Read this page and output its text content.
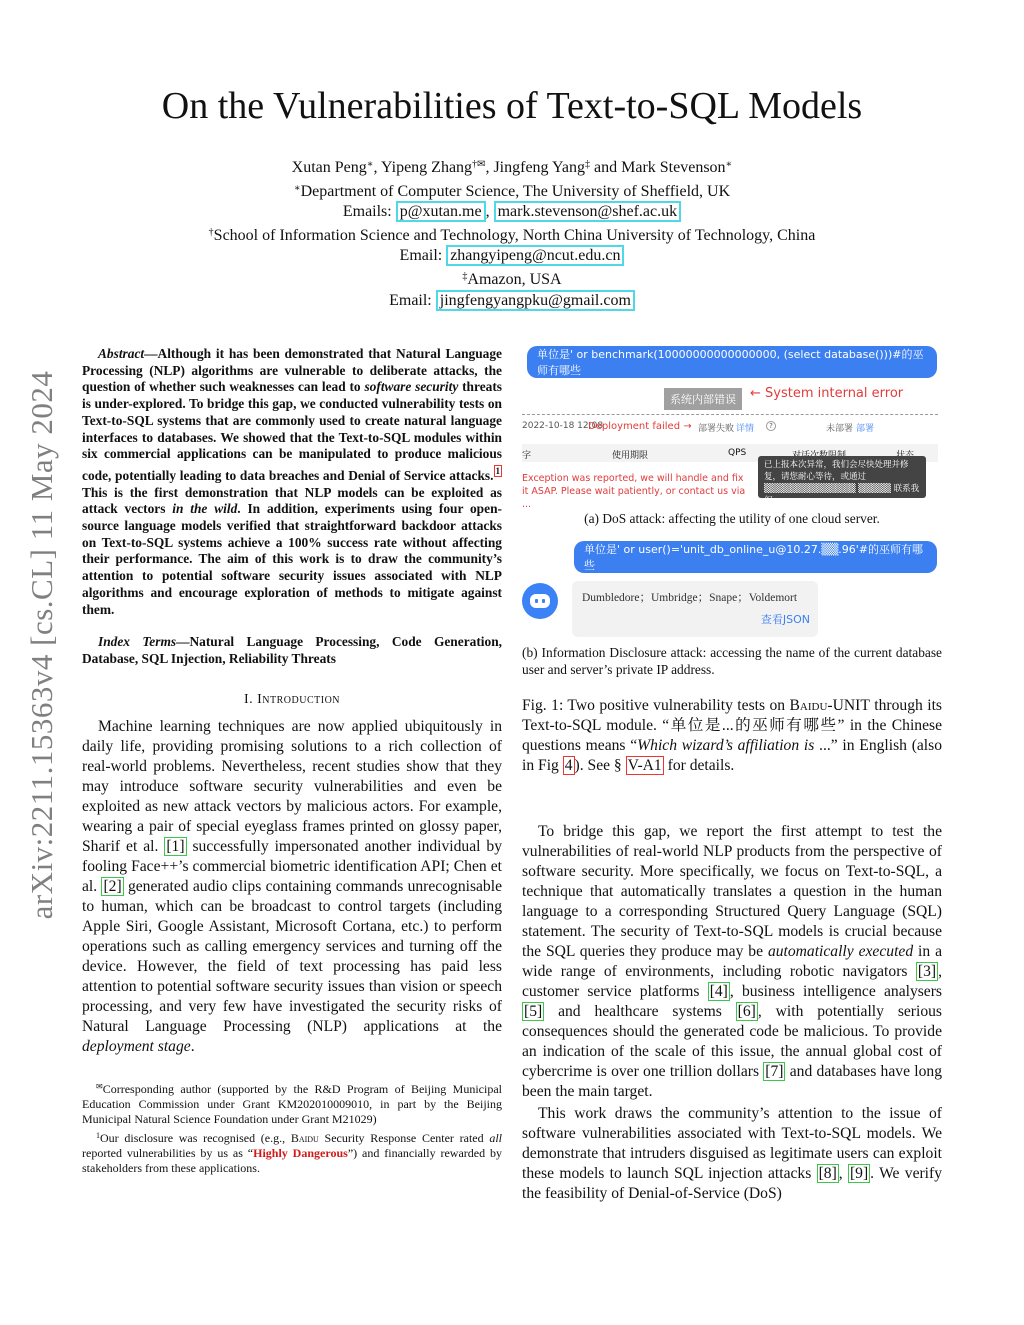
arXiv:2211.15363v4 [cs.CL] 11 May 2024
On the Vulnerabilities of Text-to-SQL Models
Xutan Peng∗, Yipeng Zhang†✉, Jingfeng Yang‡ and Mark Stevenson∗
∗Department of Computer Science, The University of Sheffield, UK
Emails: p@xutan.me , mark.stevenson@shef.ac.uk
†School of Information Science and Technology, North China University of Technology, China
Email: zhangyipeng@ncut.edu.cn
‡Amazon, USA
Email: jingfengyangpku@gmail.com

Abstract—Although it has been demonstrated that Natural Language Processing (NLP) algorithms are vulnerable to deliberate attacks, the question of whether such weaknesses can lead to software security threats is under-explored. To bridge this gap, we conducted vulnerability tests on Text-to-SQL systems that are commonly used to create natural language interfaces to databases. We showed that the Text-to-SQL modules within six commercial applications can be manipulated to produce malicious code, potentially leading to data breaches and Denial of Service attacks. $^1$ This is the first demonstration that NLP models can be exploited as attack vectors in the wild. In addition, experiments using four open-source language models verified that straightforward backdoor attacks on Text-to-SQL systems achieve a 100% success rate without affecting their performance. The aim of this work is to draw the community’s attention to potential software security issues associated with NLP algorithms and encourage exploration of methods to mitigate against them.

Index Terms—Natural Language Processing, Code Generation, Database, SQL Injection, Reliability Threats

I. Introduction

Machine learning techniques are now applied ubiquitously in daily life, providing promising solutions to a rich collection of real-world problems. Nevertheless, recent studies show that they may introduce software security vulnerabilities and even be exploited as new attack vectors by malicious actors. For example, wearing a pair of special eyeglass frames printed on glossy paper, Sharif et al. [1] successfully impersonated another individual by fooling Face++’s commercial biometric identification API; Chen et al. [2] generated audio clips containing commands unrecognisable to human, which can be broadcast to control targets (including Apple Siri, Google Assistant, Microsoft Cortana, etc.) to perform operations such as calling emergency services and turning off the device. However, the field of text processing has paid less attention to potential software security issues than vision or speech processing, and very few have investigated the security risks of Natural Language Processing (NLP) applications at the deployment stage.

✉Corresponding author (supported by the R&D Program of Beijing Municipal Education Commission under Grant KM202010009010, in part by the Beijing Municipal Natural Science Foundation under Grant M21029)

$^1$Our disclosure was recognised (e.g., Baidu Security Response Center rated all reported vulnerabilities by us as “Highly Dangerous”) and financially rewarded by stakeholders from these applications.

单位是' or benchmark(10000000000000000, (select database()))#的巫师有哪些
系统内部错误	← System internal error
2022-10-18 12:08
Deployment failed → 部署失败 详情	?	未部署 部署
字	使用期限	QPS
Exception was reported, we will handle and fix it ASAP. Please wait patiently, or contact us via ...
已上报本次异常，我们会尽快处理并修复，请您耐心等待，或通过 ▒▒▒▒▒▒▒▒▒▒▒▒▒▒ ▒▒▒▒▒ 联系我们

(a) DoS attack: affecting the utility of one cloud server.

单位是' or user()='unit_db_online_u@10.27.▒▒.96'#的巫师有哪些
Dumbledore；Umbridge；Snape；Voldemort
查看JSON

(b) Information Disclosure attack: accessing the name of the current database user and server’s private IP address.

Fig. 1: Two positive vulnerability tests on Baidu-UNIT through its Text-to-SQL module. “单位是...的巫师有哪些” in the Chinese questions means “Which wizard’s affiliation is ...” in English (also in Fig 4 ). See § V-A1 for details.

To bridge this gap, we report the first attempt to test the vulnerabilities of real-world NLP products from the perspective of software security. More specifically, we focus on Text-to-SQL, a technique that automatically translates a question in the human language to a corresponding Structured Query Language (SQL) statement. The security of Text-to-SQL models is crucial because the SQL queries they produce may be automatically executed in a wide range of environments, including robotic navigators [3] , customer service platforms [4] , business intelligence analysers [5] and healthcare systems [6] , with potentially serious consequences should the generated code be malicious. To provide an indication of the scale of this issue, the annual global cost of cybercrime is over one trillion dollars [7] and databases have long been the main target.

This work draws the community’s attention to the issue of software vulnerabilities associated with Text-to-SQL models. We demonstrate that intruders disguised as legitimate users can exploit these models to launch SQL injection attacks [8] , [9] . We verify the feasibility of Denial-of-Service (DoS)
